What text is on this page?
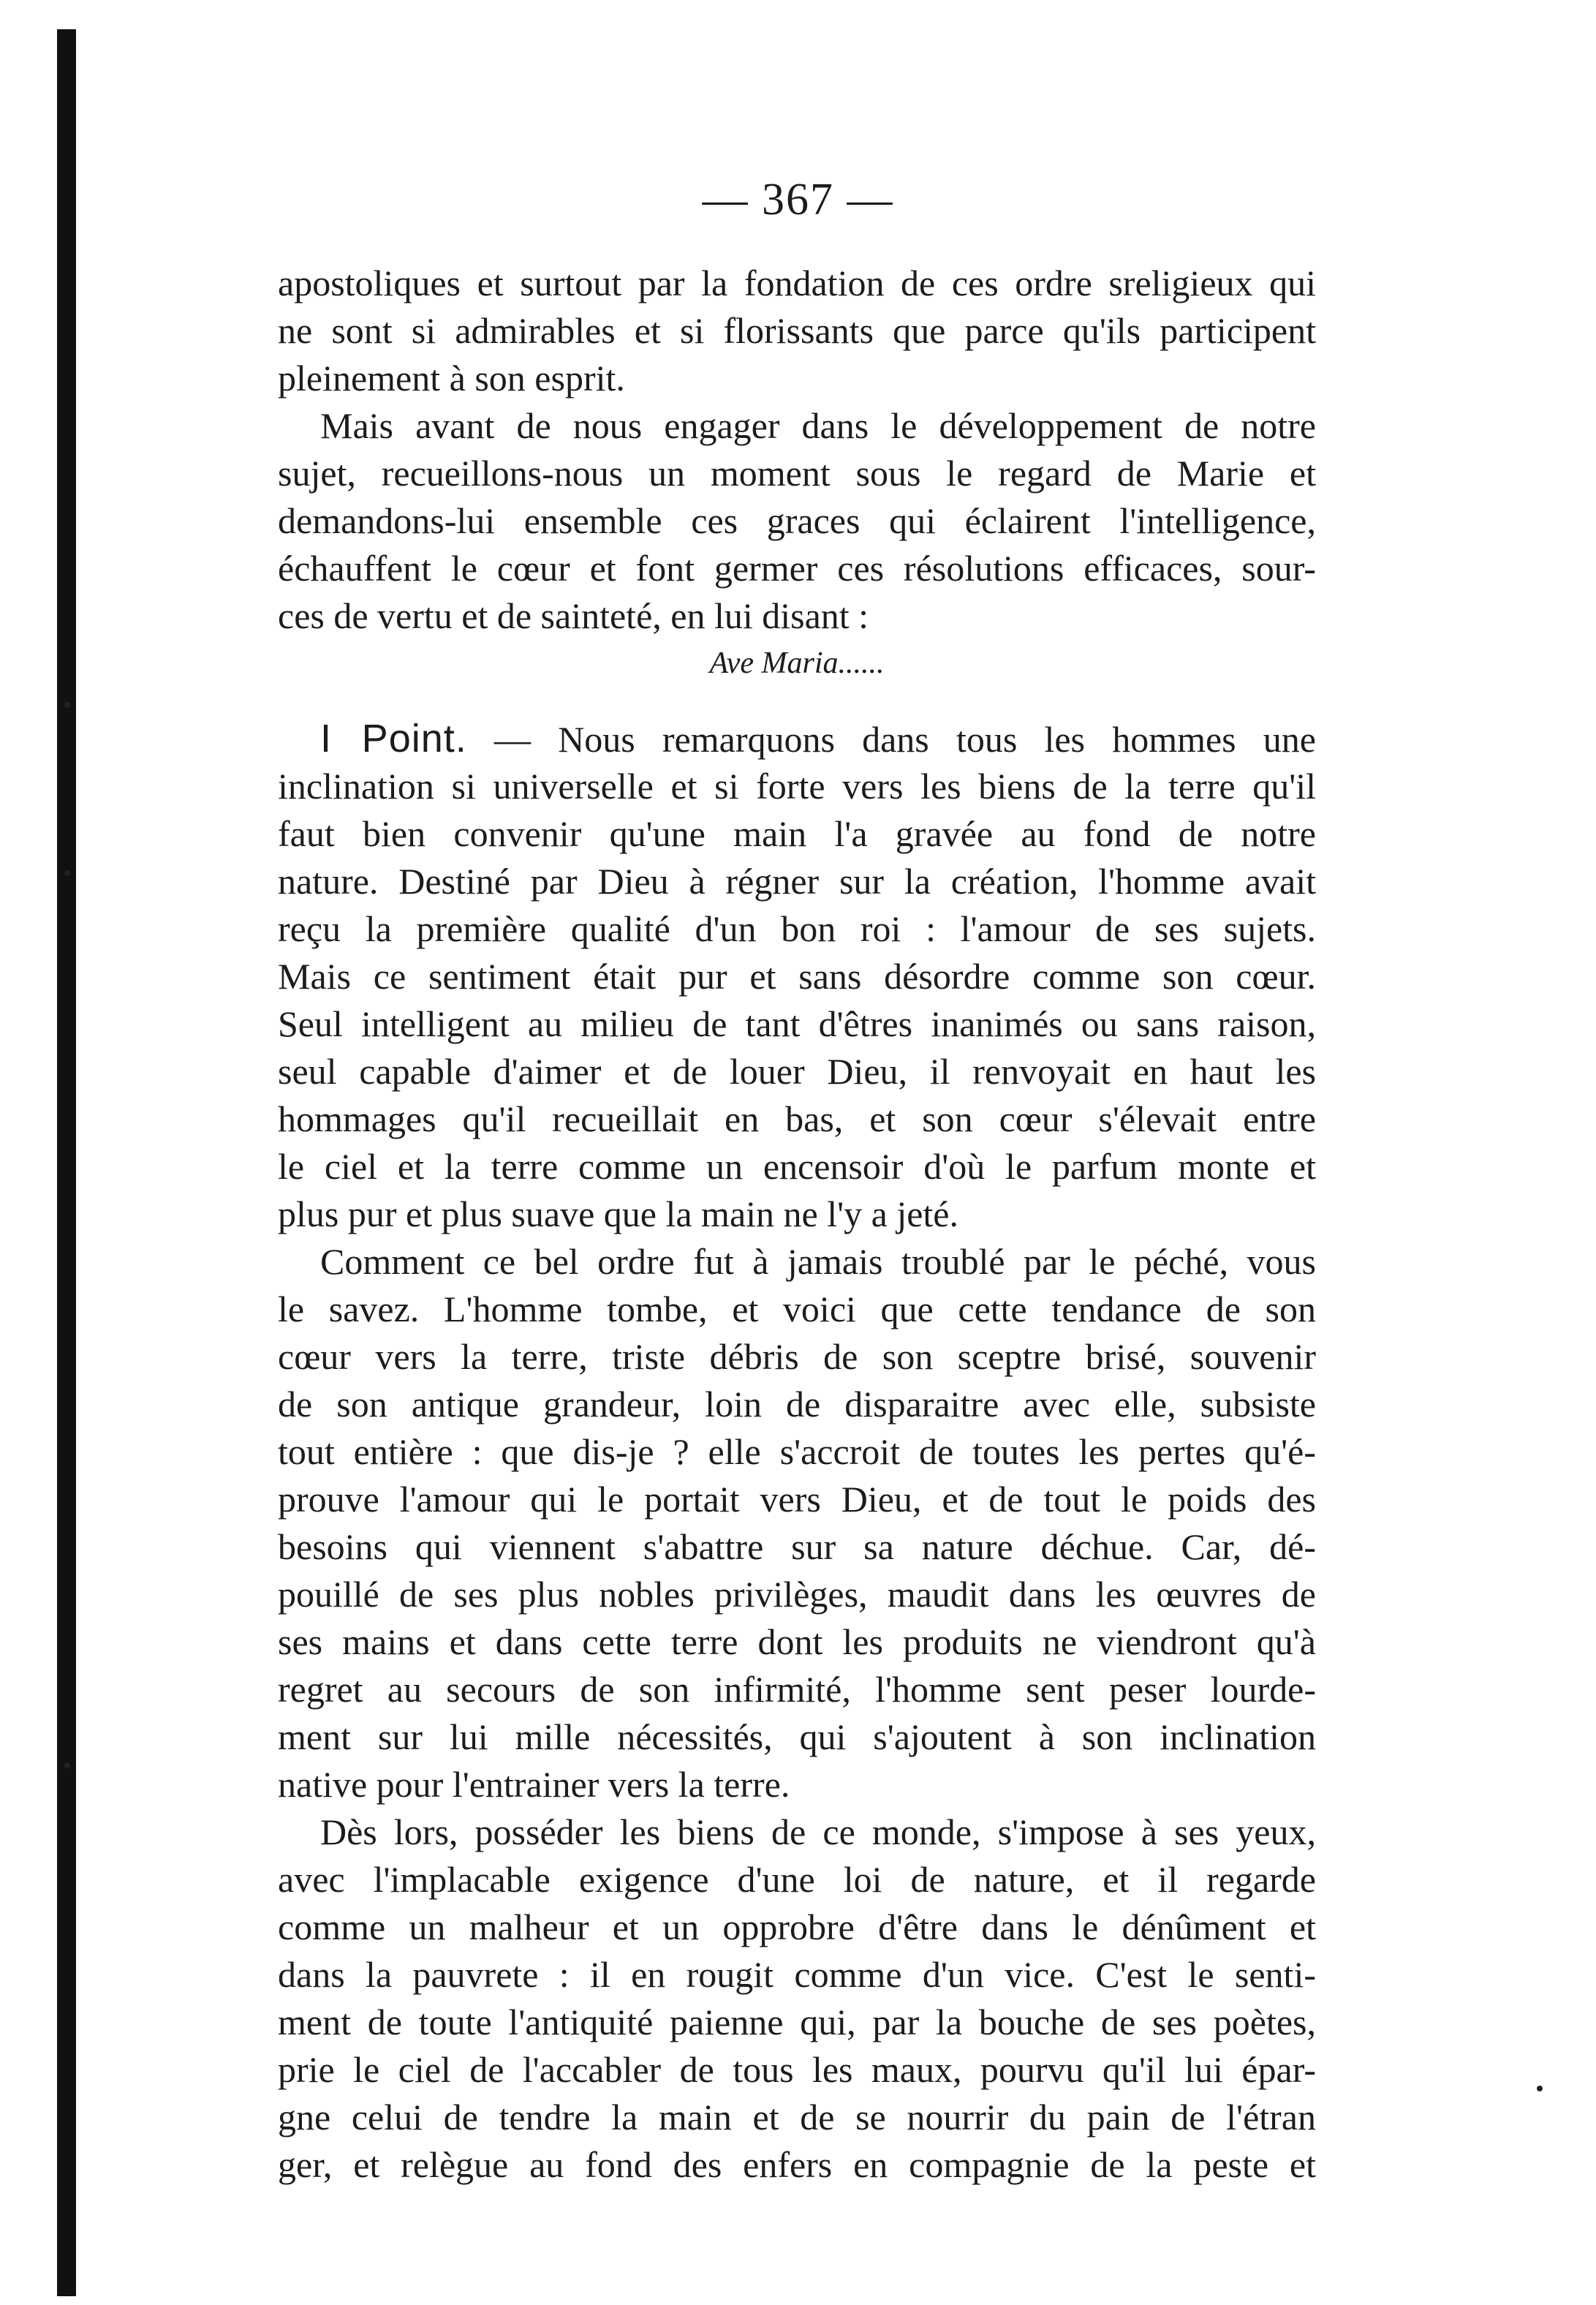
— 367 —
apostoliques et surtout par la fondation de ces ordre sreligieux qui
ne sont si admirables et si florissants que parce qu'ils participent
pleinement à son esprit.
Mais avant de nous engager dans le développement de notre
sujet, recueillons-nous un moment sous le regard de Marie et
demandons-lui ensemble ces graces qui éclairent l'intelligence,
échauffent le cœur et font germer ces résolutions efficaces, sour-
ces de vertu et de sainteté, en lui disant :
Ave Maria......
I Point. — Nous remarquons dans tous les hommes une
inclination si universelle et si forte vers les biens de la terre qu'il
faut bien convenir qu'une main l'a gravée au fond de notre
nature. Destiné par Dieu à régner sur la création, l'homme avait
reçu la première qualité d'un bon roi : l'amour de ses sujets.
Mais ce sentiment était pur et sans désordre comme son cœur.
Seul intelligent au milieu de tant d'êtres inanimés ou sans raison,
seul capable d'aimer et de louer Dieu, il renvoyait en haut les
hommages qu'il recueillait en bas, et son cœur s'élevait entre
le ciel et la terre comme un encensoir d'où le parfum monte et
plus pur et plus suave que la main ne l'y a jeté.
Comment ce bel ordre fut à jamais troublé par le péché, vous
le savez. L'homme tombe, et voici que cette tendance de son
cœur vers la terre, triste débris de son sceptre brisé, souvenir
de son antique grandeur, loin de disparaitre avec elle, subsiste
tout entière : que dis-je ? elle s'accroit de toutes les pertes qu'é-
prouve l'amour qui le portait vers Dieu, et de tout le poids des
besoins qui viennent s'abattre sur sa nature déchue. Car, dé-
pouillé de ses plus nobles privilèges, maudit dans les œuvres de
ses mains et dans cette terre dont les produits ne viendront qu'à
regret au secours de son infirmité, l'homme sent peser lourde-
ment sur lui mille nécessités, qui s'ajoutent à son inclination
native pour l'entrainer vers la terre.
Dès lors, posséder les biens de ce monde, s'impose à ses yeux,
avec l'implacable exigence d'une loi de nature, et il regarde
comme un malheur et un opprobre d'être dans le dénûment et
dans la pauvrete : il en rougit comme d'un vice. C'est le senti-
ment de toute l'antiquité paienne qui, par la bouche de ses poètes,
prie le ciel de l'accabler de tous les maux, pourvu qu'il lui épar-
gne celui de tendre la main et de se nourrir du pain de l'étran
ger, et relègue au fond des enfers en compagnie de la peste et
